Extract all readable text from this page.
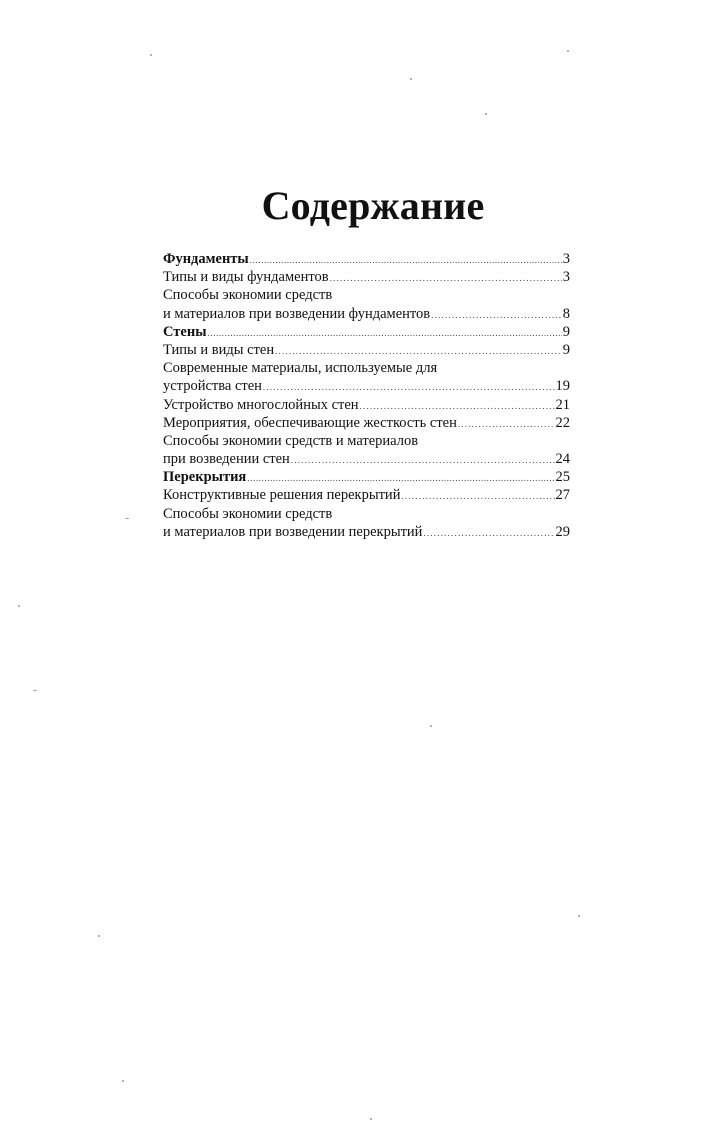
Содержание
Фундаменты .....	3
Типы и виды фундаментов .....	3
Способы экономии средств
и материалов при возведении фундаментов .....	8
Стены .....	9
Типы и виды стен .....	9
Современные материалы, используемые для
устройства стен .....	19
Устройство многослойных стен .....	21
Мероприятия, обеспечивающие жесткость стен .....	22
Способы экономии средств и материалов
при возведении стен .....	24
Перекрытия .....	25
Конструктивные решения перекрытий .....	27
Способы экономии средств
и материалов при возведении перекрытий .....	29
